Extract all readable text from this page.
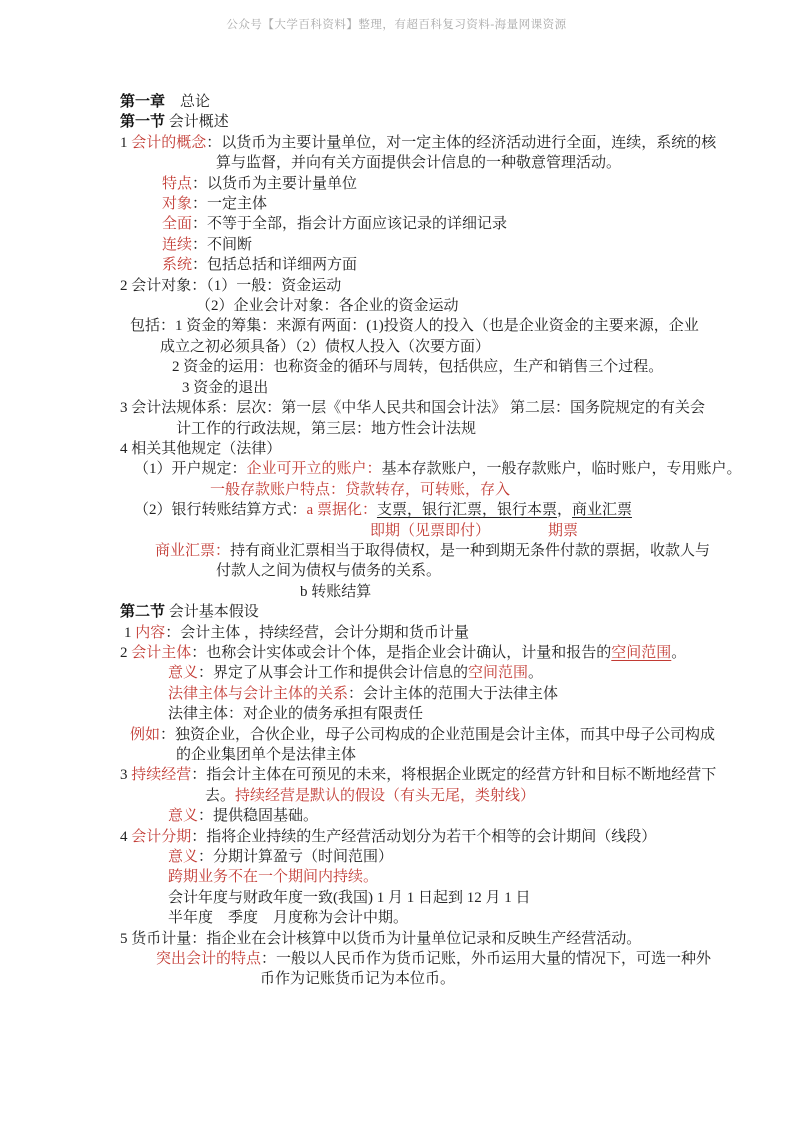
公众号【大学百科资料】整理，有超百科复习资料-海量网课资源
第一章　总论
第一节 会计概述
1 会计的概念：以货币为主要计量单位，对一定主体的经济活动进行全面，连续，系统的核
算与监督，并向有关方面提供会计信息的一种敬意管理活动。
特点：以货币为主要计量单位
对象：一定主体
全面：不等于全部，指会计方面应该记录的详细记录
连续：不间断
系统：包括总括和详细两方面
2 会计对象：（1）一般：资金运动
（2）企业会计对象：各企业的资金运动
包括：1 资金的筹集：来源有两面：(1)投资人的投入（也是企业资金的主要来源，企业
成立之初必须具备）（2）债权人投入（次要方面）
2 资金的运用：也称资金的循环与周转，包括供应，生产和销售三个过程。
3 资金的退出
3 会计法规体系：层次：第一层《中华人民共和国会计法》 第二层：国务院规定的有关会
计工作的行政法规，第三层：地方性会计法规
4 相关其他规定（法律）
（1）开户规定：企业可开立的账户：基本存款账户，一般存款账户，临时账户，专用账户。
一般存款账户特点：贷款转存，可转账，存入
（2）银行转账结算方式：a 票据化：支票，银行汇票，银行本票，商业汇票
即期（见票即付）	期票
商业汇票：持有商业汇票相当于取得债权，是一种到期无条件付款的票据，收款人与
付款人之间为债权与债务的关系。
b 转账结算
第二节 会计基本假设
1 内容：会计主体 ，持续经营，会计分期和货币计量
2 会计主体：也称会计实体或会计个体，是指企业会计确认，计量和报告的空间范围。
意义：界定了从事会计工作和提供会计信息的空间范围。
法律主体与会计主体的关系：会计主体的范围大于法律主体
法律主体：对企业的债务承担有限责任
例如：独资企业，合伙企业，母子公司构成的企业范围是会计主体，而其中母子公司构成
的企业集团单个是法律主体
3 持续经营：指会计主体在可预见的未来，将根据企业既定的经营方针和目标不断地经营下
去。持续经营是默认的假设（有头无尾，类射线）
意义：提供稳固基础。
4 会计分期：指将企业持续的生产经营活动划分为若干个相等的会计期间（线段）
意义：分期计算盈亏（时间范围）
跨期业务不在一个期间内持续。
会计年度与财政年度一致(我国) 1 月 1 日起到 12 月 1 日
半年度　季度　月度称为会计中期。
5 货币计量：指企业在会计核算中以货币为计量单位记录和反映生产经营活动。
突出会计的特点：一般以人民币作为货币记账，外币运用大量的情况下，可选一种外
币作为记账货币记为本位币。
